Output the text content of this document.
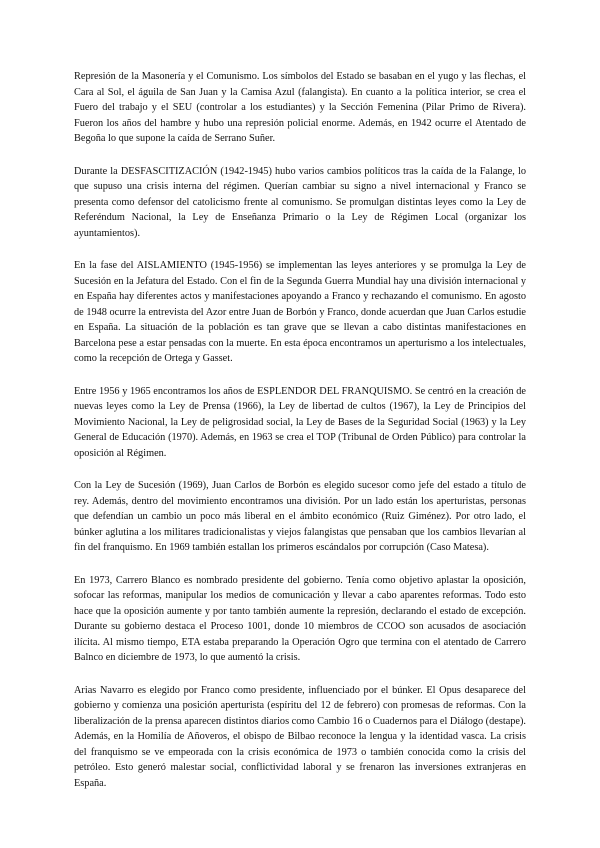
Represión de la Masonería y el Comunismo. Los símbolos del Estado se basaban en el yugo y las flechas, el Cara al Sol, el águila de San Juan y la Camisa Azul (falangista). En cuanto a la política interior, se crea el Fuero del trabajo y el SEU (controlar a los estudiantes) y la Sección Femenina (Pilar Primo de Rivera). Fueron los años del hambre y hubo una represión policial enorme. Además, en 1942 ocurre el Atentado de Begoña lo que supone la caída de Serrano Suñer.

Durante la DESFASCITIZACIÓN (1942-1945) hubo varios cambios políticos tras la caída de la Falange, lo que supuso una crisis interna del régimen. Querían cambiar su signo a nivel internacional y Franco se presenta como defensor del catolicismo frente al comunismo. Se promulgan distintas leyes como la Ley de Referéndum Nacional, la Ley de Enseñanza Primario o la Ley de Régimen Local (organizar los ayuntamientos).

En la fase del AISLAMIENTO (1945-1956) se implementan las leyes anteriores y se promulga la Ley de Sucesión en la Jefatura del Estado. Con el fin de la Segunda Guerra Mundial hay una división internacional y en España hay diferentes actos y manifestaciones apoyando a Franco y rechazando el comunismo. En agosto de 1948 ocurre la entrevista del Azor entre Juan de Borbón y Franco, donde acuerdan que Juan Carlos estudie en España. La situación de la población es tan grave que se llevan a cabo distintas manifestaciones en Barcelona pese a estar pensadas con la muerte. En esta época encontramos un aperturismo a los intelectuales, como la recepción de Ortega y Gasset.

Entre 1956 y 1965 encontramos los años de ESPLENDOR DEL FRANQUISMO. Se centró en la creación de nuevas leyes como la Ley de Prensa (1966), la Ley de libertad de cultos (1967), la Ley de Principios del Movimiento Nacional, la Ley de peligrosidad social, la Ley de Bases de la Seguridad Social (1963) y la Ley General de Educación (1970). Además, en 1963 se crea el TOP (Tribunal de Orden Público) para controlar la oposición al Régimen.

Con la Ley de Sucesión (1969), Juan Carlos de Borbón es elegido sucesor como jefe del estado a título de rey. Además, dentro del movimiento encontramos una división. Por un lado están los aperturistas, personas que defendían un cambio un poco más liberal en el ámbito económico (Ruiz Giménez). Por otro lado, el búnker aglutina a los militares tradicionalistas y viejos falangistas que pensaban que los cambios llevarían al fin del franquismo. En 1969 también estallan los primeros escándalos por corrupción (Caso Matesa).

En 1973, Carrero Blanco es nombrado presidente del gobierno. Tenía como objetivo aplastar la oposición, sofocar las reformas, manipular los medios de comunicación y llevar a cabo aparentes reformas. Todo esto hace que la oposición aumente y por tanto también aumente la represión, declarando el estado de excepción. Durante su gobierno destaca el Proceso 1001, donde 10 miembros de CCOO son acusados de asociación ilícita. Al mismo tiempo, ETA estaba preparando la Operación Ogro que termina con el atentado de Carrero Balnco en diciembre de 1973, lo que aumentó la crisis.

Arias Navarro es elegido por Franco como presidente, influenciado por el búnker. El Opus desaparece del gobierno y comienza una posición aperturista (espíritu del 12 de febrero) con promesas de reformas. Con la liberalización de la prensa aparecen distintos diarios como Cambio 16 o Cuadernos para el Diálogo (destape). Además, en la Homilía de Añoveros, el obispo de Bilbao reconoce la lengua y la identidad vasca. La crisis del franquismo se ve empeorada con la crisis económica de 1973 o también conocida como la crisis del petróleo. Esto generó malestar social, conflictividad laboral y se frenaron las inversiones extranjeras en España.
